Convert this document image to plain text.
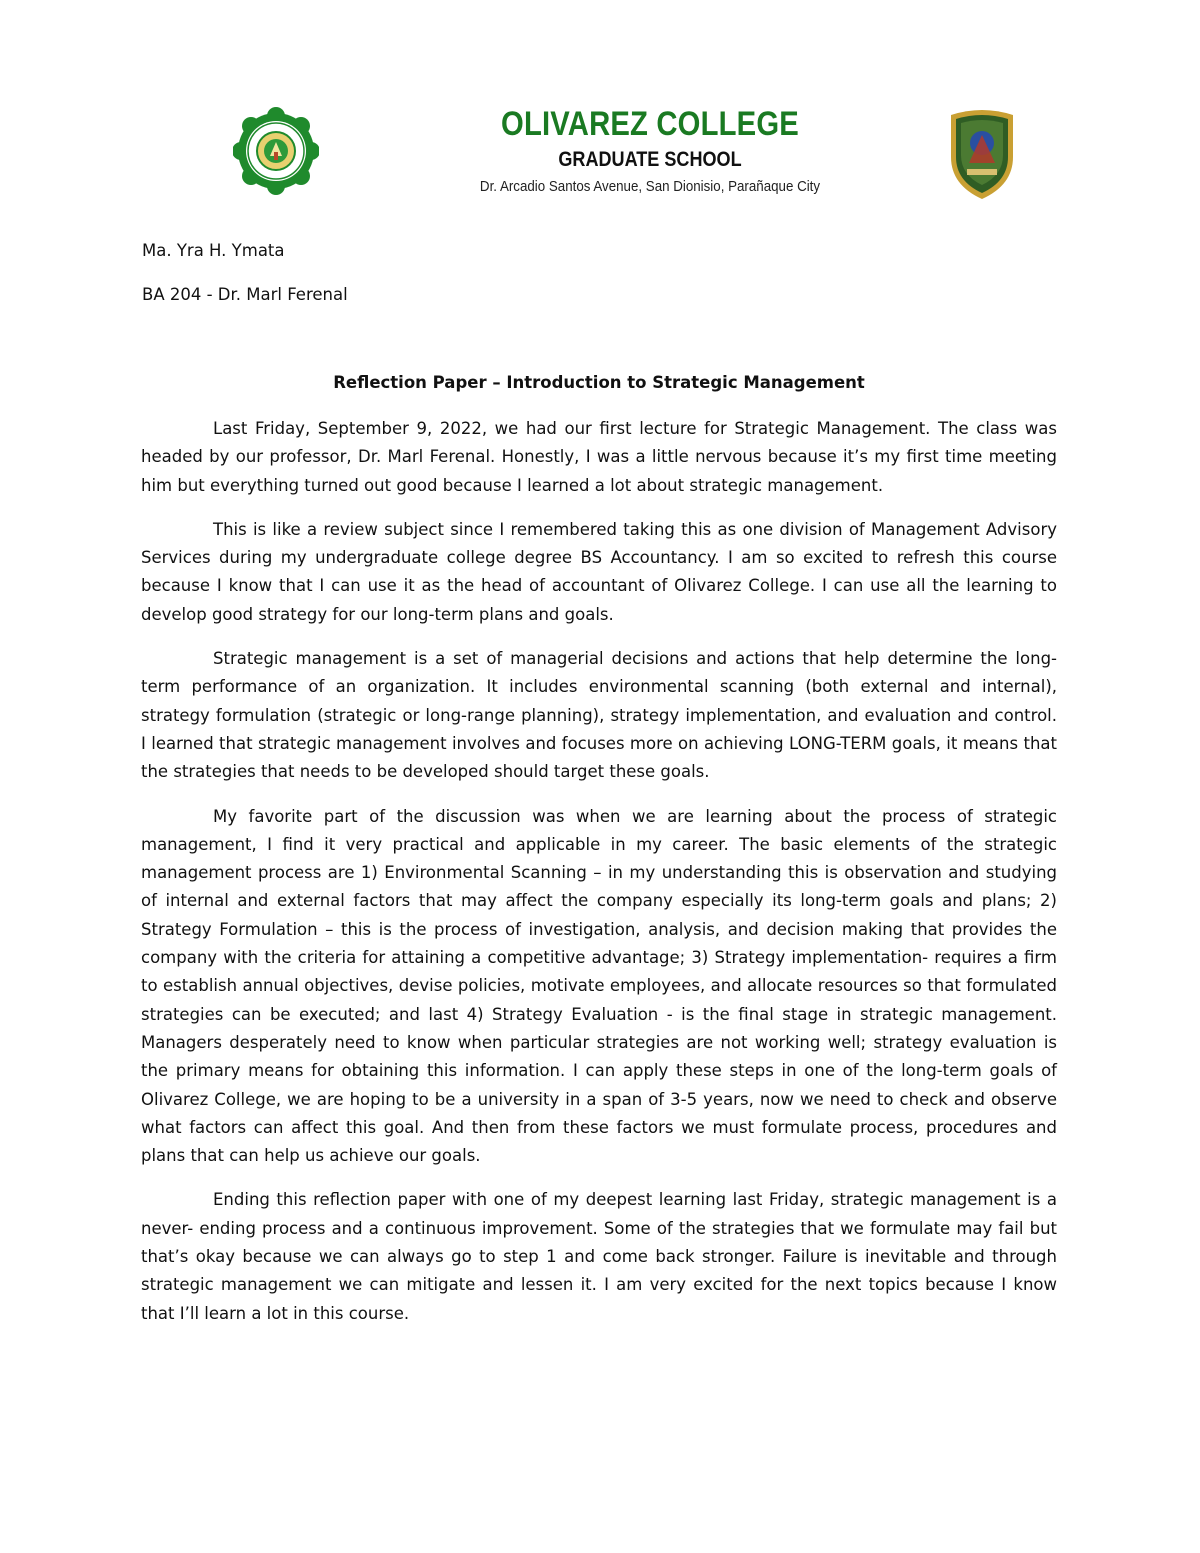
OLIVAREZ COLLEGE
GRADUATE SCHOOL
Dr. Arcadio Santos Avenue, San Dionisio, Parañaque City
Ma. Yra H. Ymata
BA 204 - Dr. Marl Ferenal
Reflection Paper – Introduction to Strategic Management

Last Friday, September 9, 2022, we had our first lecture for Strategic Management. The class was headed by our professor, Dr. Marl Ferenal. Honestly, I was a little nervous because it’s my first time meeting him but everything turned out good because I learned a lot about strategic management.

This is like a review subject since I remembered taking this as one division of Management Advisory Services during my undergraduate college degree BS Accountancy. I am so excited to refresh this course because I know that I can use it as the head of accountant of Olivarez College. I can use all the learning to develop good strategy for our long-term plans and goals.

Strategic management is a set of managerial decisions and actions that help determine the long-term performance of an organization. It includes environmental scanning (both external and internal), strategy formulation (strategic or long-range planning), strategy implementation, and evaluation and control. I learned that strategic management involves and focuses more on achieving LONG-TERM goals, it means that the strategies that needs to be developed should target these goals.

My favorite part of the discussion was when we are learning about the process of strategic management, I find it very practical and applicable in my career. The basic elements of the strategic management process are 1) Environmental Scanning – in my understanding this is observation and studying of internal and external factors that may affect the company especially its long-term goals and plans; 2) Strategy Formulation – this is the process of investigation, analysis, and decision making that provides the company with the criteria for attaining a competitive advantage; 3) Strategy implementation- requires a firm to establish annual objectives, devise policies, motivate employees, and allocate resources so that formulated strategies can be executed; and last 4) Strategy Evaluation - is the final stage in strategic management. Managers desperately need to know when particular strategies are not working well; strategy evaluation is the primary means for obtaining this information. I can apply these steps in one of the long-term goals of Olivarez College, we are hoping to be a university in a span of 3-5 years, now we need to check and observe what factors can affect this goal. And then from these factors we must formulate process, procedures and plans that can help us achieve our goals.

Ending this reflection paper with one of my deepest learning last Friday, strategic management is a never- ending process and a continuous improvement. Some of the strategies that we formulate may fail but that’s okay because we can always go to step 1 and come back stronger. Failure is inevitable and through strategic management we can mitigate and lessen it. I am very excited for the next topics because I know that I’ll learn a lot in this course.
